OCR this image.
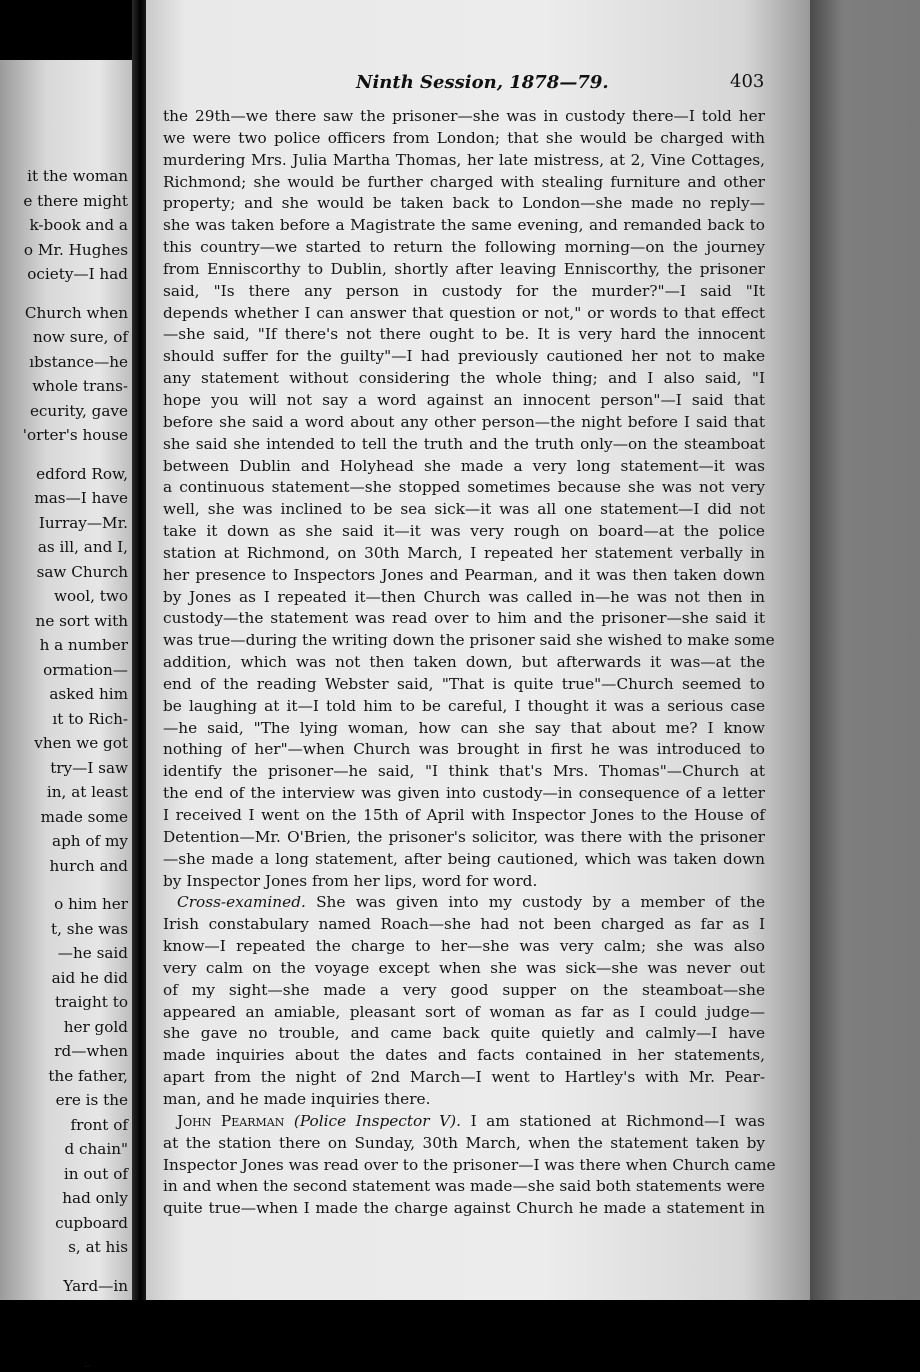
it the woman
e there might
k-book and a
o Mr. Hughes
ociety—I had
Church when
now sure, of
ıbstance—he
whole trans-
ecurity, gave
'orter's house
edford Row,
mas—I have
Iurray—Mr.
as ill, and I,
saw Church
wool, two
ne sort with
h a number
ormation—
asked him
ıt to Rich-
vhen we got
try—I saw
in, at least
made some
aph of my
hurch and
o him her
t, she was
—he said
aid he did
traight to
her gold
rd—when
the father,
ere is the
front of
d chain"
in out of
had only
cupboard
s, at his
Yard—in
Ninth Session, 1878—79.	403
the 29th—we there saw the prisoner—she was in custody there—I told her
we were two police officers from London; that she would be charged with
murdering Mrs. Julia Martha Thomas, her late mistress, at 2, Vine Cottages,
Richmond; she would be further charged with stealing furniture and other
property; and she would be taken back to London—she made no reply—
she was taken before a Magistrate the same evening, and remanded back to
this country—we started to return the following morning—on the journey
from Enniscorthy to Dublin, shortly after leaving Enniscorthy, the prisoner
said, "Is there any person in custody for the murder?"—I said "It
depends whether I can answer that question or not," or words to that effect
—she said, "If there's not there ought to be. It is very hard the innocent
should suffer for the guilty"—I had previously cautioned her not to make
any statement without considering the whole thing; and I also said, "I
hope you will not say a word against an innocent person"—I said that
before she said a word about any other person—the night before I said that
she said she intended to tell the truth and the truth only—on the steamboat
between Dublin and Holyhead she made a very long statement—it was
a continuous statement—she stopped sometimes because she was not very
well, she was inclined to be sea sick—it was all one statement—I did not
take it down as she said it—it was very rough on board—at the police
station at Richmond, on 30th March, I repeated her statement verbally in
her presence to Inspectors Jones and Pearman, and it was then taken down
by Jones as I repeated it—then Church was called in—he was not then in
custody—the statement was read over to him and the prisoner—she said it
was true—during the writing down the prisoner said she wished to make some
addition, which was not then taken down, but afterwards it was—at the
end of the reading Webster said, "That is quite true"—Church seemed to
be laughing at it—I told him to be careful, I thought it was a serious case
—he said, "The lying woman, how can she say that about me? I know
nothing of her"—when Church was brought in first he was introduced to
identify the prisoner—he said, "I think that's Mrs. Thomas"—Church at
the end of the interview was given into custody—in consequence of a letter
I received I went on the 15th of April with Inspector Jones to the House of
Detention—Mr. O'Brien, the prisoner's solicitor, was there with the prisoner
—she made a long statement, after being cautioned, which was taken down
by Inspector Jones from her lips, word for word.
Cross-examined. She was given into my custody by a member of the
Irish constabulary named Roach—she had not been charged as far as I
know—I repeated the charge to her—she was very calm; she was also
very calm on the voyage except when she was sick—she was never out
of my sight—she made a very good supper on the steamboat—she
appeared an amiable, pleasant sort of woman as far as I could judge—
she gave no trouble, and came back quite quietly and calmly—I have
made inquiries about the dates and facts contained in her statements,
apart from the night of 2nd March—I went to Hartley's with Mr. Pear-
man, and he made inquiries there.
John Pearman (Police Inspector V). I am stationed at Richmond—I was
at the station there on Sunday, 30th March, when the statement taken by
Inspector Jones was read over to the prisoner—I was there when Church came
in and when the second statement was made—she said both statements were
quite true—when I made the charge against Church he made a statement in
